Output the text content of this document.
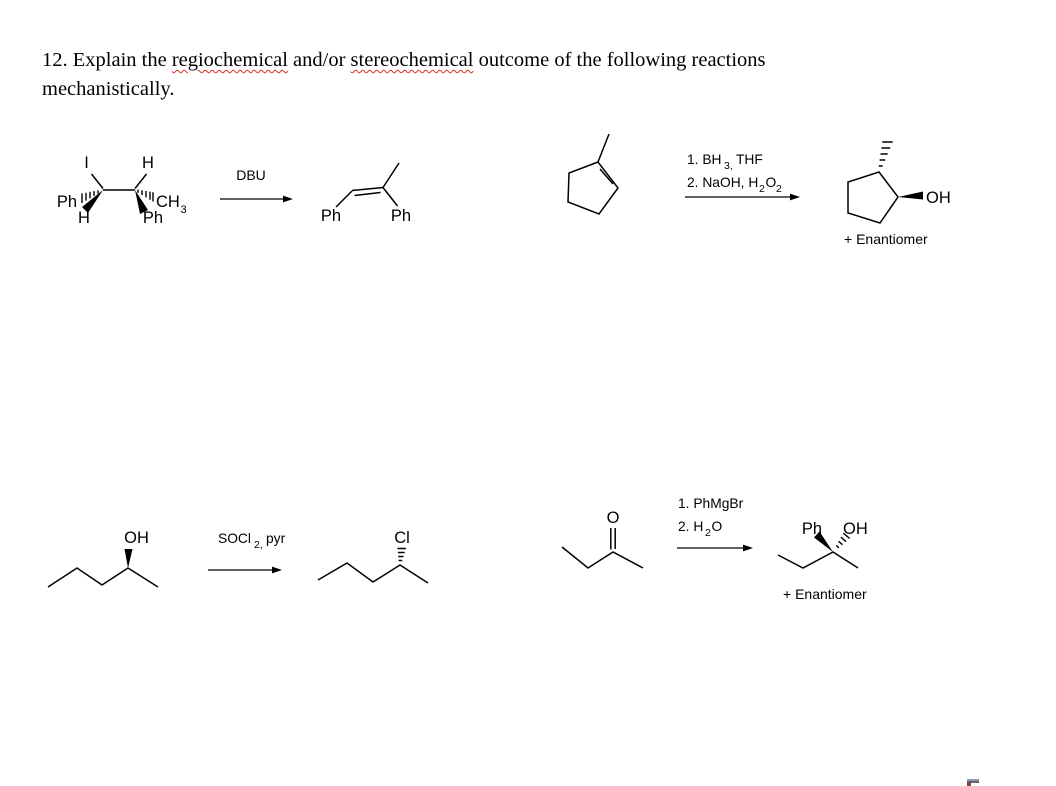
12. Explain the regiochemical and/or stereochemical outcome of the following reactions
mechanistically.
I	H
Ph
H
CH 3
Ph
DBU
Ph	Ph
1. BH 3, THF
2. NaOH, H 2 O 2	OH
+ Enantiomer
OH	SOCl 2, pyr	Cl
O
1. PhMgBr
2. H 2 O	Ph OH
+ Enantiomer
